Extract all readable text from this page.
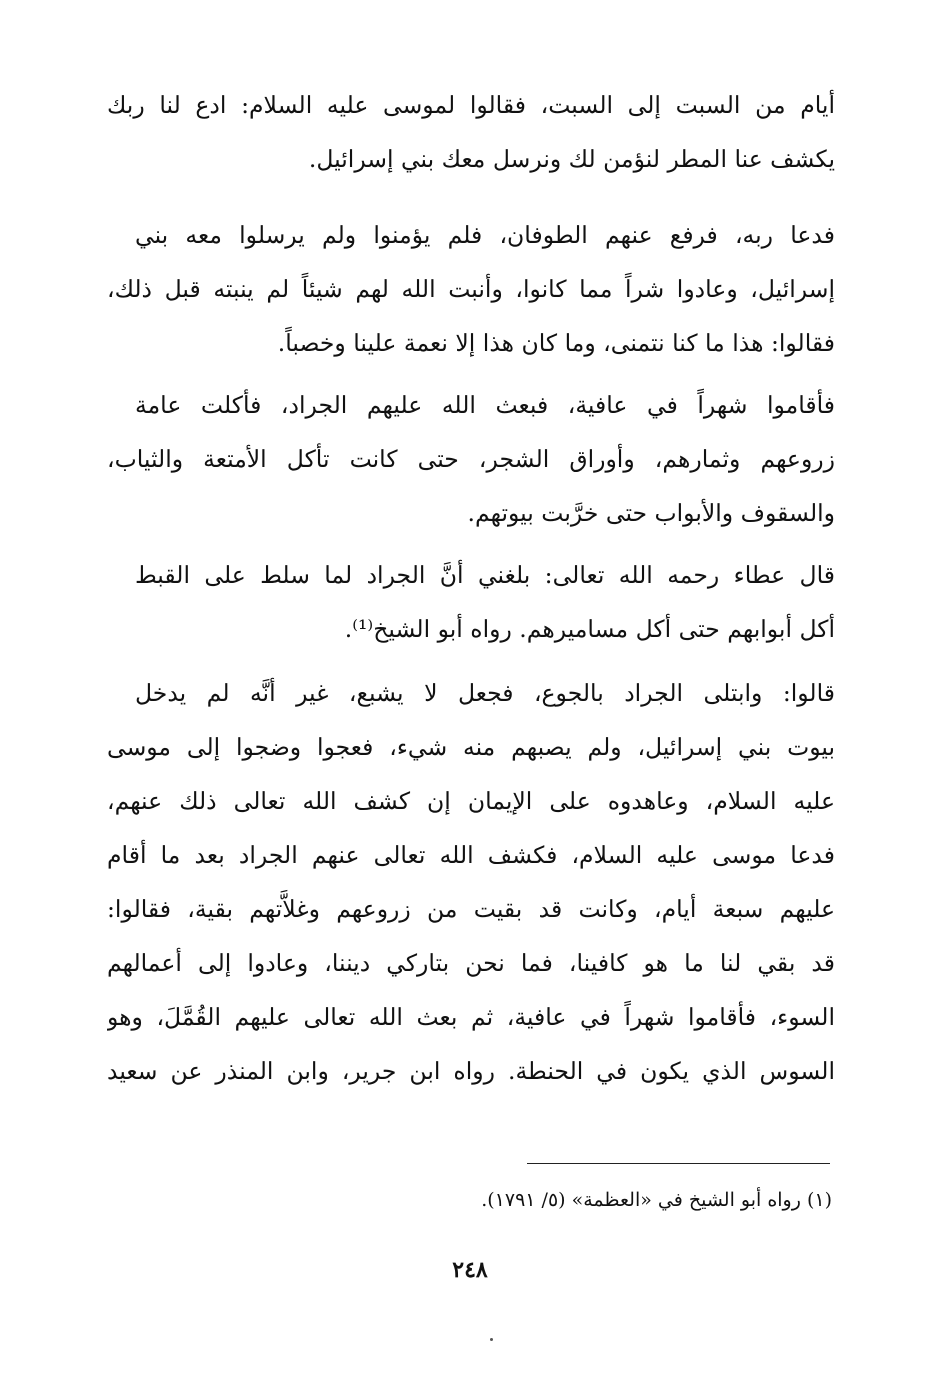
أيام من السبت إلى السبت، فقالوا لموسى عليه السلام: ادع لنا ربك
يكشف عنا المطر لنؤمن لك ونرسل معك بني إسرائيل.
فدعا ربه، فرفع عنهم الطوفان، فلم يؤمنوا ولم يرسلوا معه بني
إسرائيل، وعادوا شراً مما كانوا، وأنبت الله لهم شيئاً لم ينبته قبل ذلك،
فقالوا: هذا ما كنا نتمنى، وما كان هذا إلا نعمة علينا وخصباً.
فأقاموا شهراً في عافية، فبعث الله عليهم الجراد، فأكلت عامة
زروعهم وثمارهم، وأوراق الشجر، حتى كانت تأكل الأمتعة والثياب،
والسقوف والأبواب حتى خرَّبت بيوتهم.
قال عطاء رحمه الله تعالى: بلغني أنَّ الجراد لما سلط على القبط
أكل أبوابهم حتى أكل مساميرهم. رواه أبو الشيخ⁽¹⁾.
قالوا: وابتلى الجراد بالجوع، فجعل لا يشبع، غير أنَّه لم يدخل
بيوت بني إسرائيل، ولم يصبهم منه شيء، فعجوا وضجوا إلى موسى
عليه السلام، وعاهدوه على الإيمان إن كشف الله تعالى ذلك عنهم،
فدعا موسى عليه السلام، فكشف الله تعالى عنهم الجراد بعد ما أقام
عليهم سبعة أيام، وكانت قد بقيت من زروعهم وغلاَّتهم بقية، فقالوا:
قد بقي لنا ما هو كافينا، فما نحن بتاركي ديننا، وعادوا إلى أعمالهم
السوء، فأقاموا شهراً في عافية، ثم بعث الله تعالى عليهم القُمَّلَ، وهو
السوس الذي يكون في الحنطة. رواه ابن جرير، وابن المنذر عن سعيد
(١) رواه أبو الشيخ في «العظمة» (٥/ ١٧٩١).
٢٤٨
